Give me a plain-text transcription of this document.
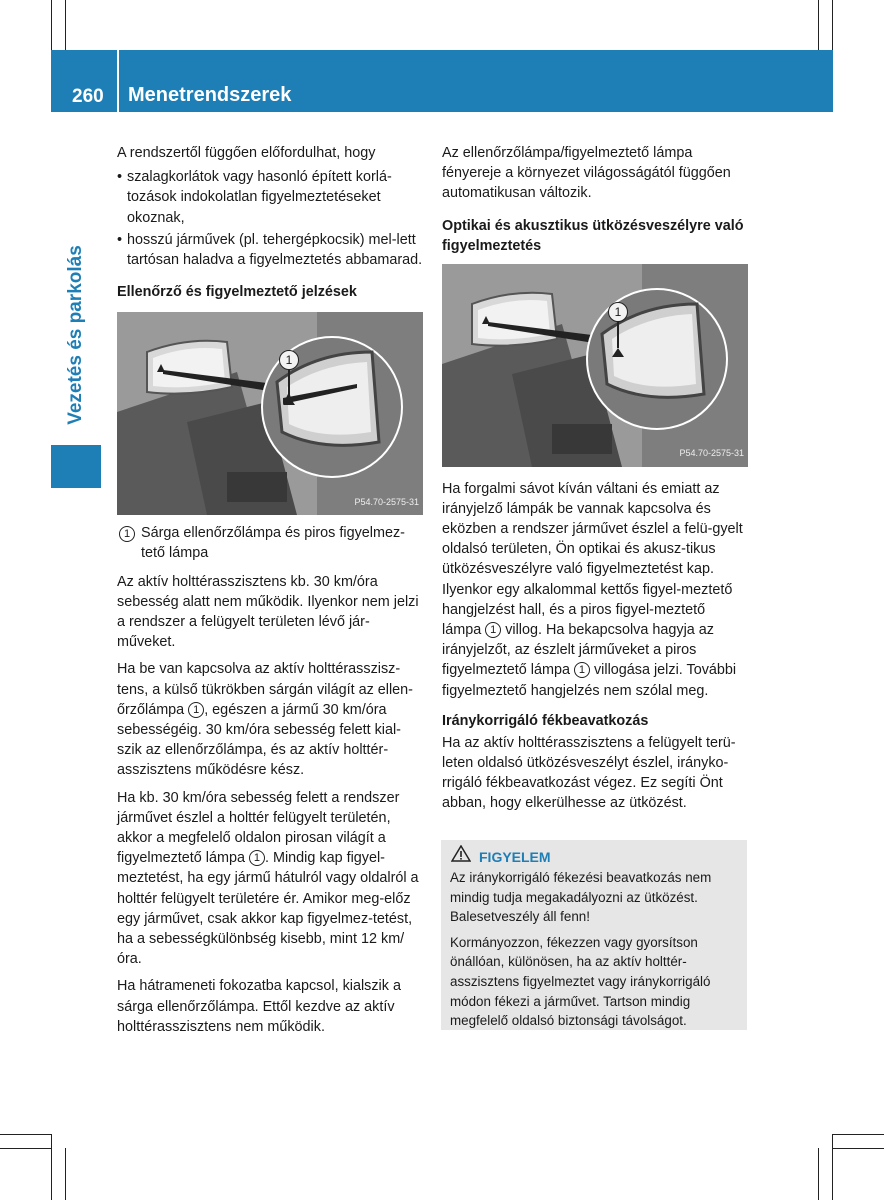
260 Menetrendszerek
Vezetés és parkolás

A rendszertől függően előfordulhat, hogy

• szalagkorlátok vagy hasonló épített korlá-tozások indokolatlan figyelmeztetéseket okoznak,
• hosszú járművek (pl. tehergépkocsik) mel-lett tartósan haladva a figyelmeztetés abbamarad.
Ellenőrző és figyelmeztető jelzések
1
P54.70-2575-31
1 Sárga ellenőrzőlámpa és piros figyelmez-tető lámpa

Az aktív holttérasszisztens kb. 30 km/óra sebesség alatt nem működik. Ilyenkor nem jelzi a rendszer a felügyelt területen lévő jár-műveket.

Ha be van kapcsolva az aktív holttérasszisz-tens, a külső tükrökben sárgán világít az ellen-őrzőlámpa 1 , egészen a jármű 30 km/óra sebességéig. 30 km/óra sebesség felett kial-szik az ellenőrzőlámpa, és az aktív holttér-asszisztens működésre kész.

Ha kb. 30 km/óra sebesség felett a rendszer járművet észlel a holttér felügyelt területén, akkor a megfelelő oldalon pirosan világít a figyelmeztető lámpa 1 . Mindig kap figyel-meztetést, ha egy jármű hátulról vagy oldalról a holttér felügyelt területére ér. Amikor meg-előz egy járművet, csak akkor kap figyelmez-tetést, ha a sebességkülönbség kisebb, mint 12 km/óra.

Ha hátrameneti fokozatba kapcsol, kialszik a sárga ellenőrzőlámpa. Ettől kezdve az aktív holttérasszisztens nem működik.

Az ellenőrzőlámpa/figyelmeztető lámpa fényereje a környezet világosságától függően automatikusan változik.

Optikai és akusztikus ütközésveszélyre való figyelmeztetés
1
P54.70-2575-31

Ha forgalmi sávot kíván váltani és emiatt az irányjelző lámpák be vannak kapcsolva és eközben a rendszer járművet észlel a felü-gyelt oldalsó területen, Ön optikai és akusz-tikus ütközésveszélyre való figyelmeztetést kap. Ilyenkor egy alkalommal kettős figyel-meztető hangjelzést hall, és a piros figyel-meztető lámpa 1 villog. Ha bekapcsolva hagyja az irányjelzőt, az észlelt járműveket a piros figyelmeztető lámpa 1 villogása jelzi. További figyelmeztető hangjelzés nem szólal meg.

Iránykorrigáló fékbeavatkozás

Ha az aktív holttérasszisztens a felügyelt terü-leten oldalsó ütközésveszélyt észlel, irányko-rrigáló fékbeavatkozást végez. Ez segíti Önt abban, hogy elkerülhesse az ütközést.

FIGYELEM

Az iránykorrigáló fékezési beavatkozás nem mindig tudja megakadályozni az ütközést. Balesetveszély áll fenn!

Kormányozzon, fékezzen vagy gyorsítson önállóan, különösen, ha az aktív holttér-asszisztens figyelmeztet vagy iránykorrigáló módon fékezi a járművet. Tartson mindig megfelelő oldalsó biztonsági távolságot.
